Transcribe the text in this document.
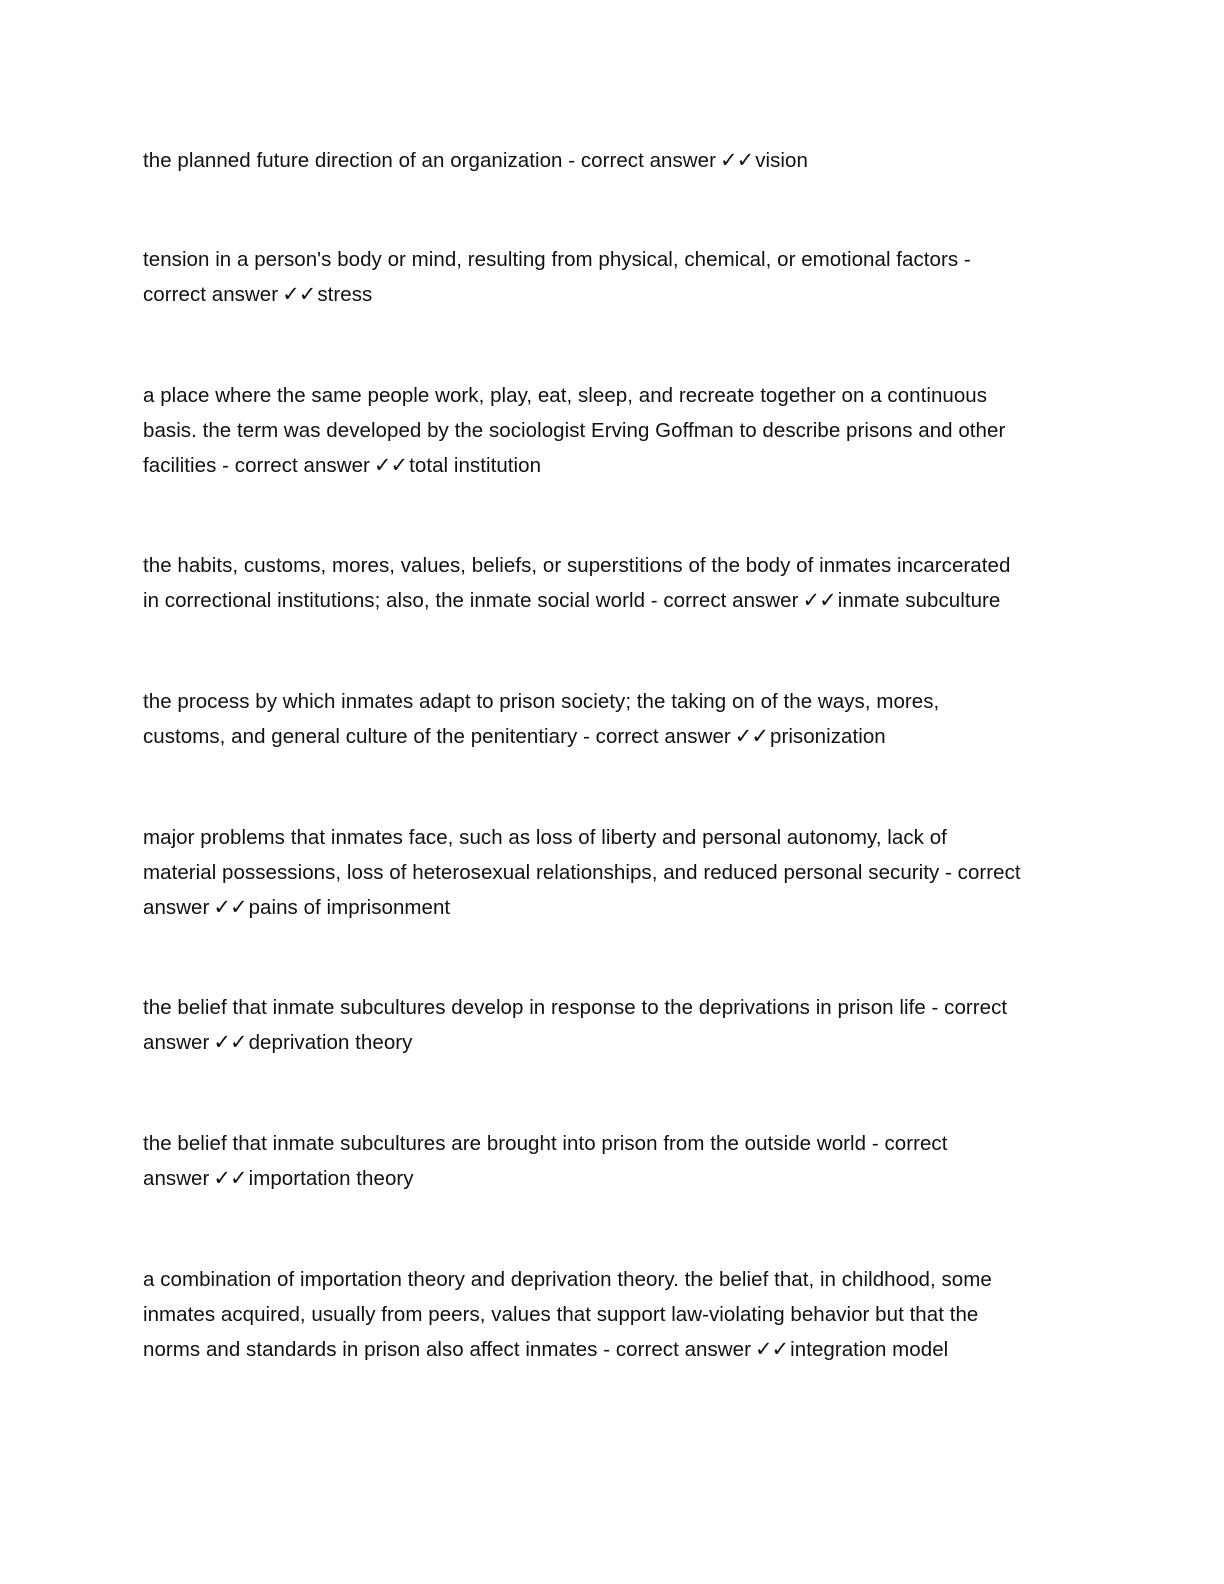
the planned future direction of an organization - correct answer ✓✓vision

tension in a person's body or mind, resulting from physical, chemical, or emotional factors -
correct answer ✓✓stress

a place where the same people work, play, eat, sleep, and recreate together on a continuous
basis. the term was developed by the sociologist Erving Goffman to describe prisons and other
facilities - correct answer ✓✓total institution

the habits, customs, mores, values, beliefs, or superstitions of the body of inmates incarcerated
in correctional institutions; also, the inmate social world - correct answer ✓✓inmate subculture

the process by which inmates adapt to prison society; the taking on of the ways, mores,
customs, and general culture of the penitentiary - correct answer ✓✓prisonization

major problems that inmates face, such as loss of liberty and personal autonomy, lack of
material possessions, loss of heterosexual relationships, and reduced personal security - correct
answer ✓✓pains of imprisonment

the belief that inmate subcultures develop in response to the deprivations in prison life - correct
answer ✓✓deprivation theory

the belief that inmate subcultures are brought into prison from the outside world - correct
answer ✓✓importation theory

a combination of importation theory and deprivation theory. the belief that, in childhood, some
inmates acquired, usually from peers, values that support law-violating behavior but that the
norms and standards in prison also affect inmates - correct answer ✓✓integration model
